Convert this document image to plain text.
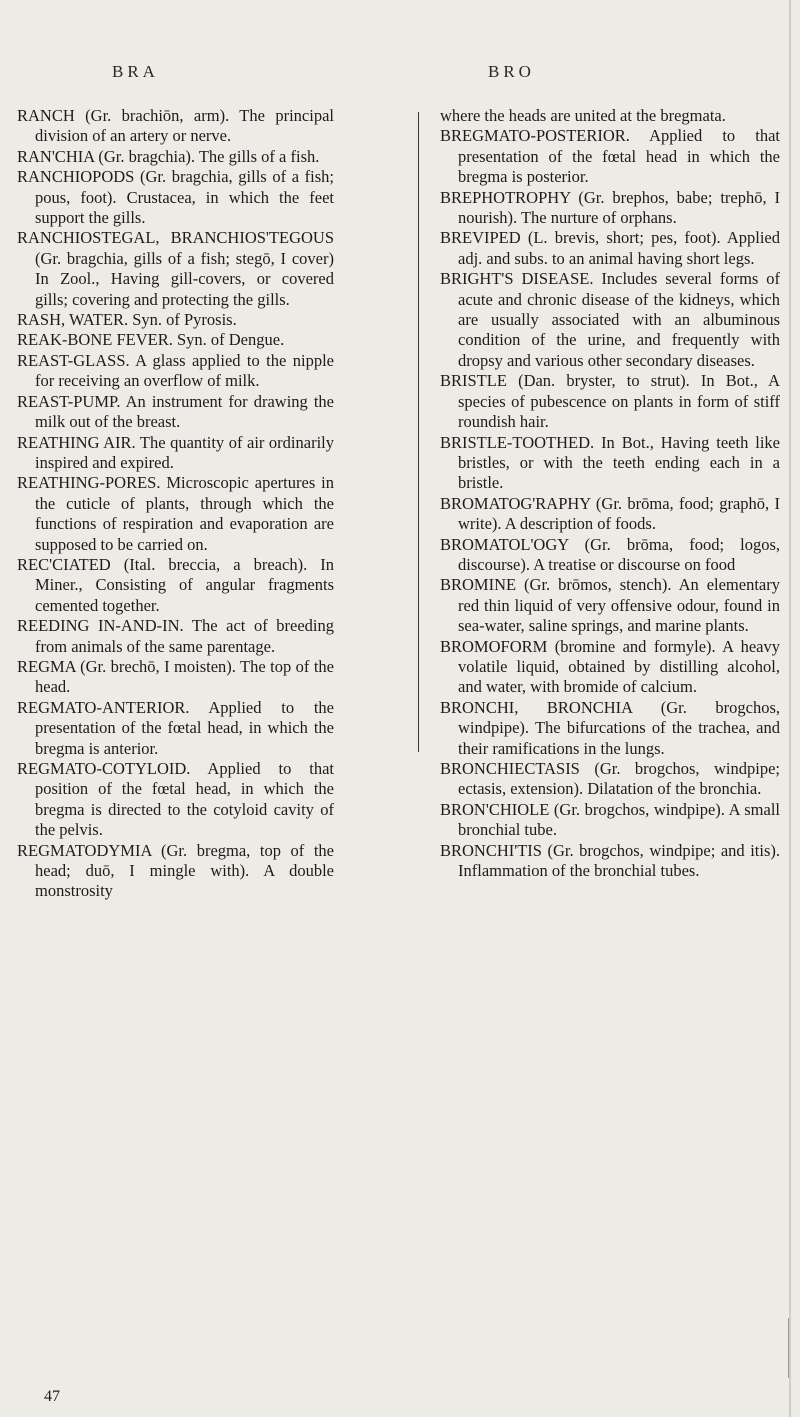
BRA	BRO

RANCH (Gr. brachiōn, arm). The principal division of an artery or nerve.

RAN'CHIA (Gr. bragchia). The gills of a fish.

RANCHIOPODS (Gr. bragchia, gills of a fish; pous, foot). Crustacea, in which the feet support the gills.

RANCHIOSTEGAL, BRANCHIOS'TEGOUS (Gr. bragchia, gills of a fish; stegō, I cover) In Zool., Having gill-covers, or covered gills; covering and protecting the gills.

RASH, WATER. Syn. of Pyrosis.

REAK-BONE FEVER. Syn. of Dengue.

REAST-GLASS. A glass applied to the nipple for receiving an overflow of milk.

REAST-PUMP. An instrument for drawing the milk out of the breast.

REATHING AIR. The quantity of air ordinarily inspired and expired.

REATHING-PORES. Microscopic apertures in the cuticle of plants, through which the functions of respiration and evaporation are supposed to be carried on.

REC'CIATED (Ital. breccia, a breach). In Miner., Consisting of angular fragments cemented together.

REEDING IN-AND-IN. The act of breeding from animals of the same parentage.

REGMA (Gr. brechō, I moisten). The top of the head.

REGMATO-ANTERIOR. Applied to the presentation of the fœtal head, in which the bregma is anterior.

REGMATO-COTYLOID. Applied to that position of the fœtal head, in which the bregma is directed to the cotyloid cavity of the pelvis.

REGMATODYMIA (Gr. bregma, top of the head; duō, I mingle with). A double monstrosity

where the heads are united at the bregmata.

BREGMATO-POSTERIOR. Applied to that presentation of the fœtal head in which the bregma is posterior.

BREPHOTROPHY (Gr. brephos, babe; trephō, I nourish). The nurture of orphans.

BREVIPED (L. brevis, short; pes, foot). Applied adj. and subs. to an animal having short legs.

BRIGHT'S DISEASE. Includes several forms of acute and chronic disease of the kidneys, which are usually associated with an albuminous condition of the urine, and frequently with dropsy and various other secondary diseases.

BRISTLE (Dan. bryster, to strut). In Bot., A species of pubescence on plants in form of stiff roundish hair.

BRISTLE-TOOTHED. In Bot., Having teeth like bristles, or with the teeth ending each in a bristle.

BROMATOG'RAPHY (Gr. brōma, food; graphō, I write). A description of foods.

BROMATOL'OGY (Gr. brōma, food; logos, discourse). A treatise or discourse on food

BROMINE (Gr. brōmos, stench). An elementary red thin liquid of very offensive odour, found in sea-water, saline springs, and marine plants.

BROMOFORM (bromine and formyle). A heavy volatile liquid, obtained by distilling alcohol, and water, with bromide of calcium.

BRONCHI, BRONCHIA (Gr. brogchos, windpipe). The bifurcations of the trachea, and their ramifications in the lungs.

BRONCHIECTASIS (Gr. brogchos, windpipe; ectasis, extension). Dilatation of the bronchia.

BRON'CHIOLE (Gr. brogchos, windpipe). A small bronchial tube.

BRONCHI'TIS (Gr. brogchos, windpipe; and itis). Inflammation of the bronchial tubes.

47
